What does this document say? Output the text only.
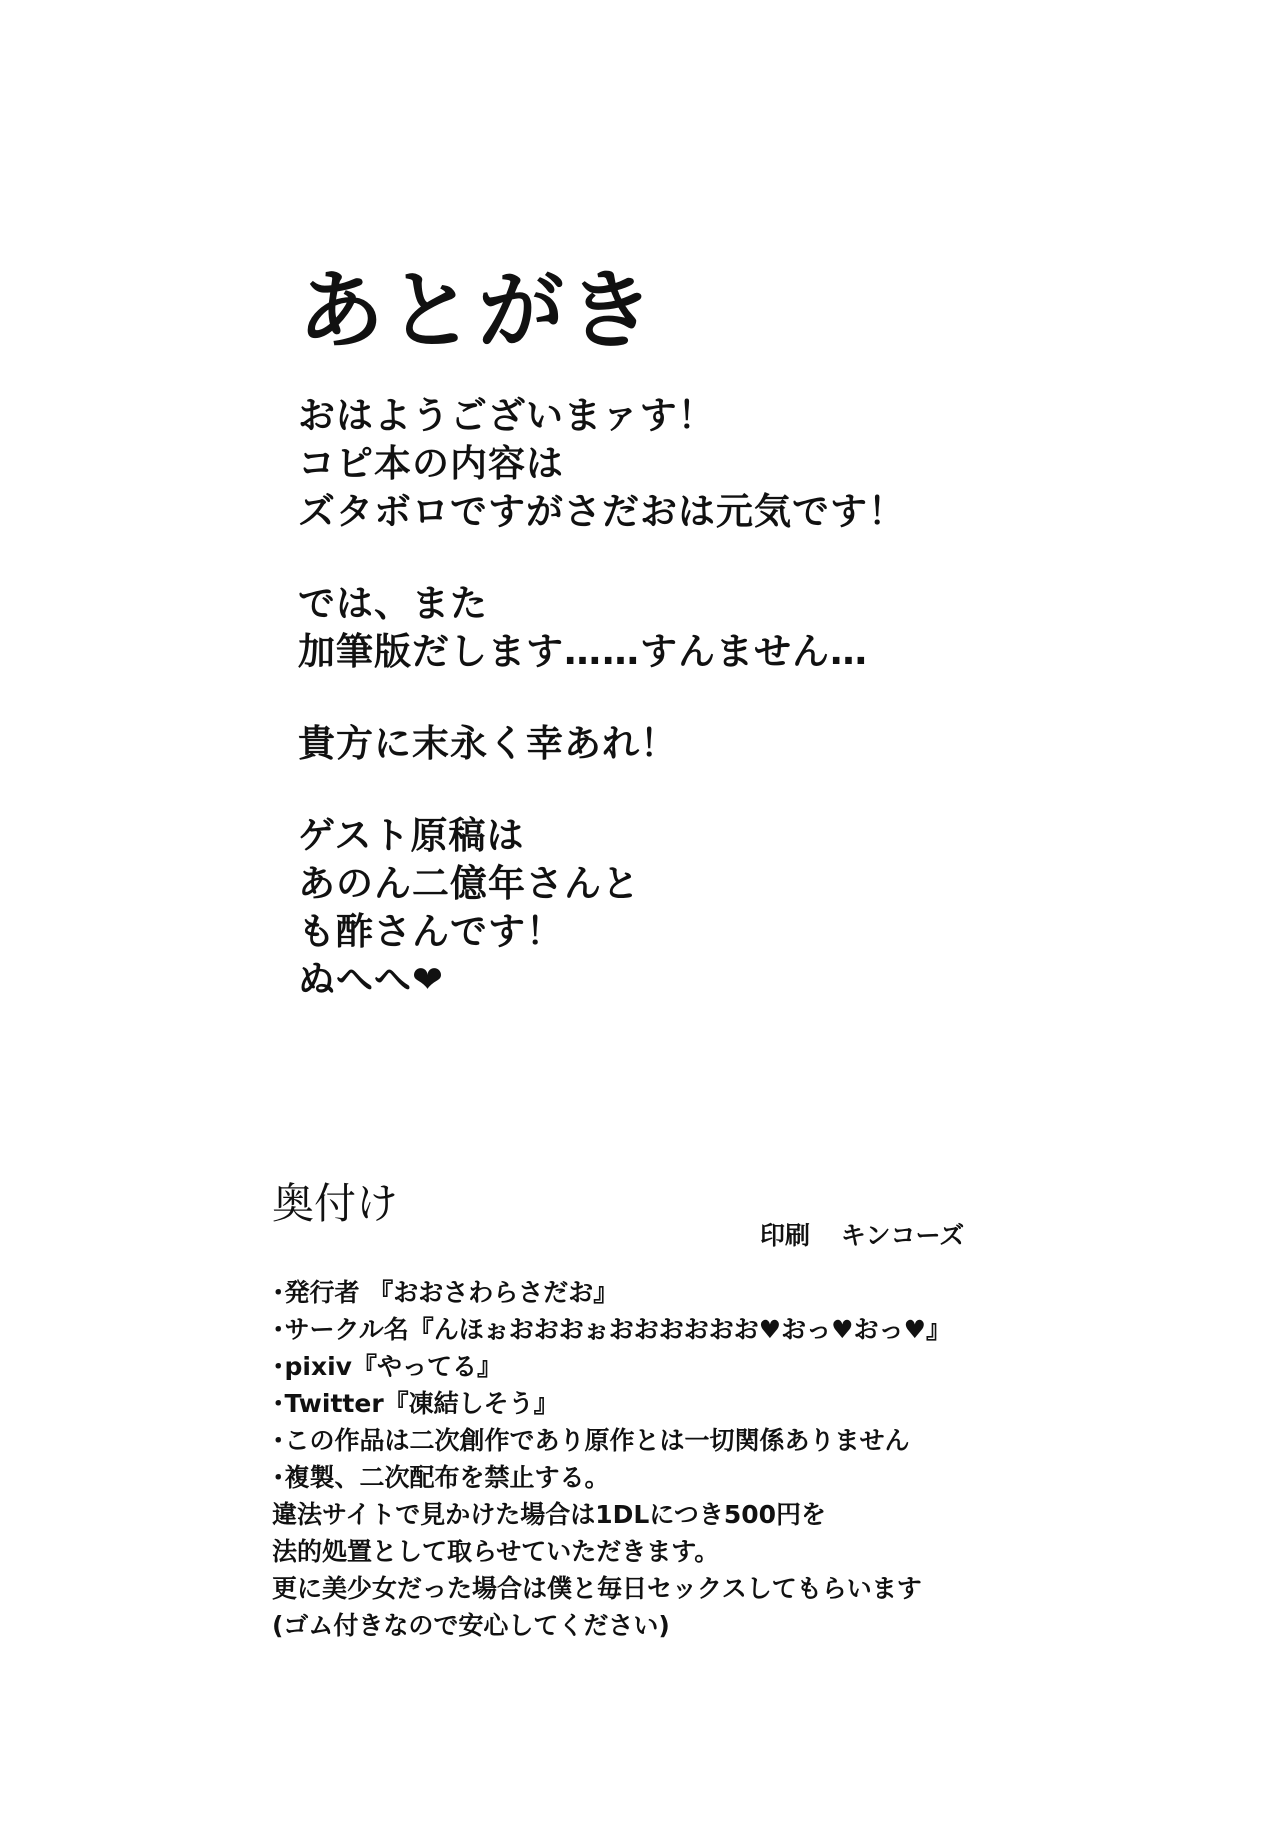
あとがき
おはようございまァす！
コピ本の内容は
ズタボロですがさだおは元気です！
では、また
加筆版だします……すんません…
貴方に末永く幸あれ！
ゲスト原稿は
あのん二億年さんと
も酢さんです！
ぬへへ❤
奥付け
印刷 キンコーズ
･発行者 『おおさわらさだお』
･サークル名『んほぉおおおぉおおおおおお♥おっ♥おっ♥』
･pixiv『やってる』
･Twitter『凍結しそう』
･この作品は二次創作であり原作とは一切関係ありません
･複製、二次配布を禁止する。
違法サイトで見かけた場合は1DLにつき500円を
法的処置として取らせていただきます。
更に美少女だった場合は僕と毎日セックスしてもらいます
(ゴム付きなので安心してください)
